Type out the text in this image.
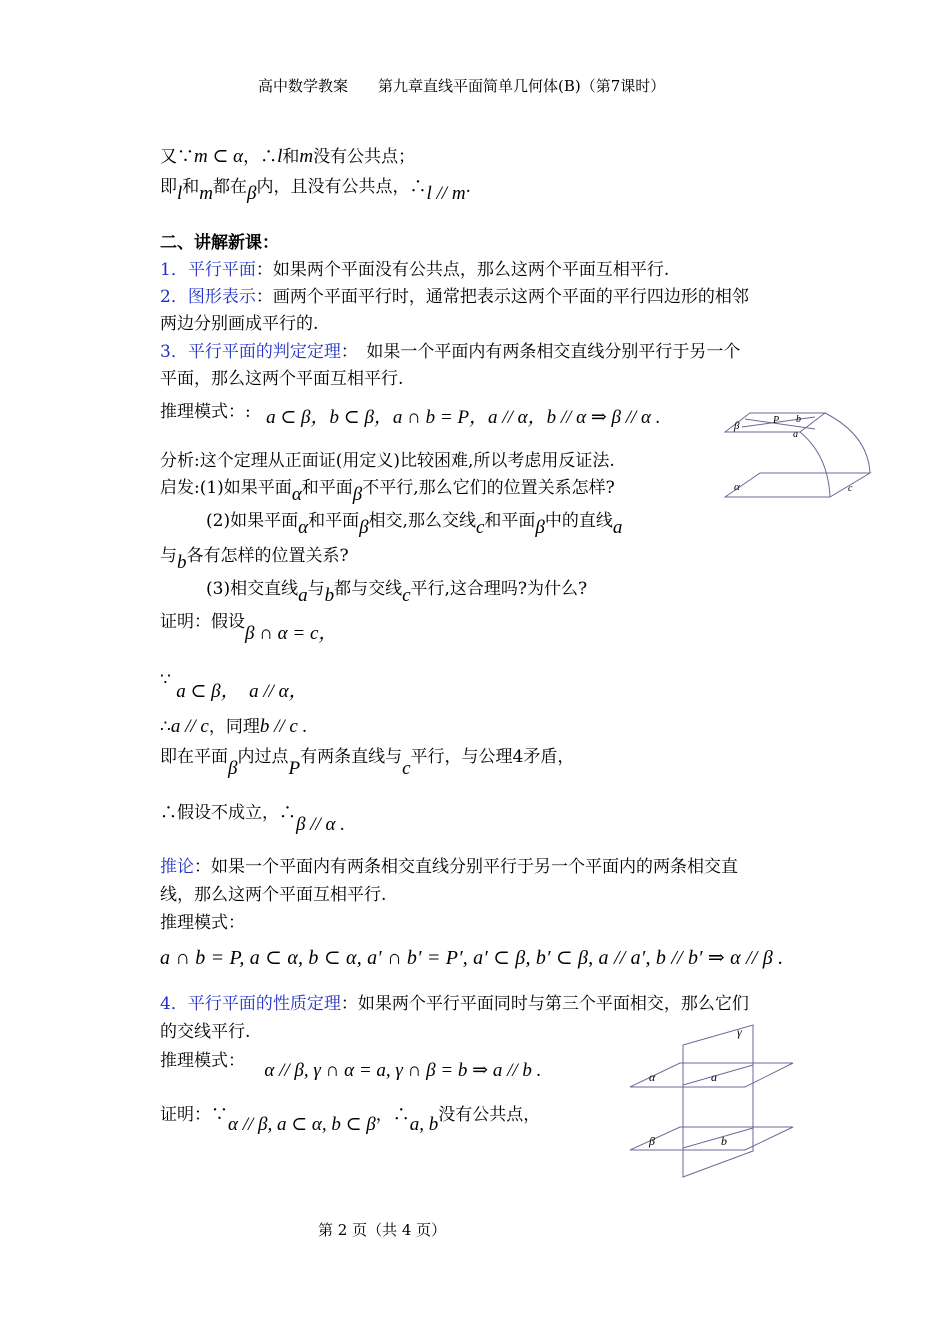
高中数学教案　　第九章直线平面简单几何体(B)（第7课时）
又∵m ⊂ α，∴l和m没有公共点；
即l和m都在β内，且没有公共点，∴l // m.
二、讲解新课：
1．平行平面：如果两个平面没有公共点，那么这两个平面互相平行.
2．图形表示：画两个平面平行时，通常把表示这两个平面的平行四边形的相邻
两边分别画成平行的.
3．平行平面的判定定理：　如果一个平面内有两条相交直线分别平行于另一个
平面，那么这两个平面互相平行.
推理模式：: a ⊂ β，b ⊂ β，a ∩ b = P，a // α，b // α ⇒ β // α .
分析:这个定理从正面证(用定义)比较困难,所以考虑用反证法.
启发:(1)如果平面α和平面β不平行,那么它们的位置关系怎样?
(2)如果平面α和平面β相交,那么交线c和平面β中的直线a
与b各有怎样的位置关系?
(3)相交直线a与b都与交线c平行,这合理吗?为什么?
证明：假设β ∩ α = c，
∵ a ⊂ β，　a // α，
∴a // c，同理b // c .
即在平面β内过点P有两条直线与c平行，与公理4矛盾，
∴假设不成立，∴β // α .
推论：如果一个平面内有两条相交直线分别平行于另一个平面内的两条相交直
线，那么这两个平面互相平行.
推理模式：
a ∩ b = P, a ⊂ α, b ⊂ α, a′ ∩ b′ = P′, a′ ⊂ β, b′ ⊂ β, a // a′, b // b′ ⇒ α // β .
4．平行平面的性质定理：如果两个平行平面同时与第三个平面相交，那么它们
的交线平行.
推理模式： α // β, γ ∩ α = a, γ ∩ β = b ⇒ a // b .
证明：∵α // β, a ⊂ α, b ⊂ β，∴a, b没有公共点，
β	P b
a
α	c
γ
α	a
β	b
第 2 页（共 4 页）
